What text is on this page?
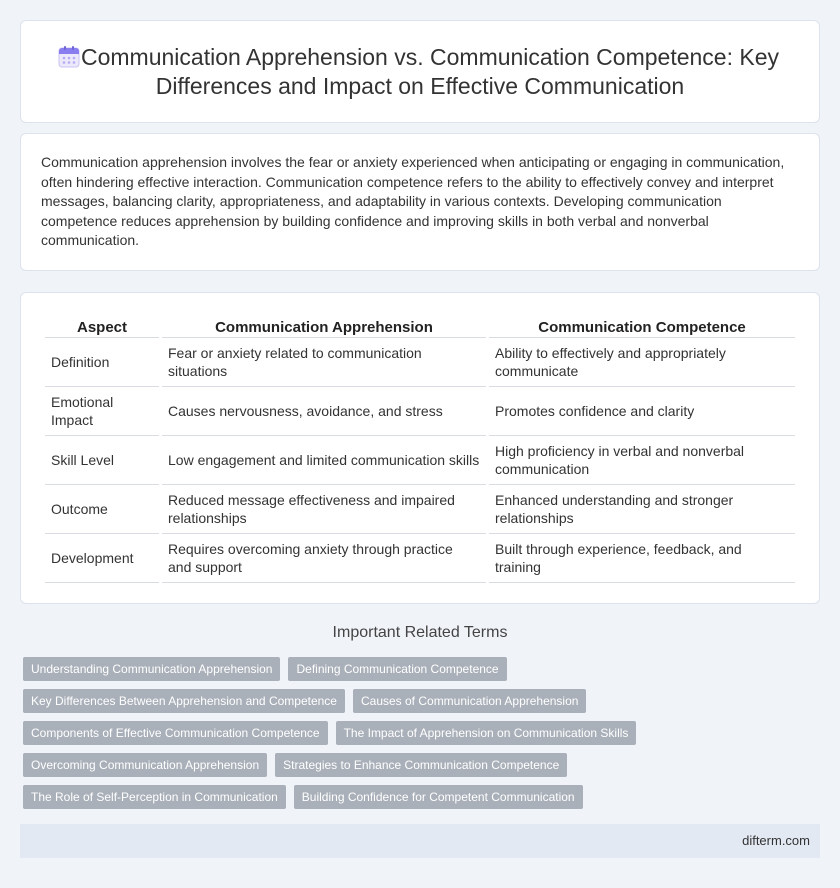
Communication Apprehension vs. Communication Competence: Key Differences and Impact on Effective Communication

Communication apprehension involves the fear or anxiety experienced when anticipating or engaging in communication, often hindering effective interaction. Communication competence refers to the ability to effectively convey and interpret messages, balancing clarity, appropriateness, and adaptability in various contexts. Developing communication competence reduces apprehension by building confidence and improving skills in both verbal and nonverbal communication.

Aspect	Communication Apprehension	Communication Competence
Definition	Fear or anxiety related to communication situations	Ability to effectively and appropriately communicate
Emotional Impact	Causes nervousness, avoidance, and stress	Promotes confidence and clarity
Skill Level	Low engagement and limited communication skills	High proficiency in verbal and nonverbal communication
Outcome	Reduced message effectiveness and impaired relationships	Enhanced understanding and stronger relationships
Development	Requires overcoming anxiety through practice and support	Built through experience, feedback, and training
Important Related Terms
Understanding Communication Apprehension	Defining Communication Competence
Key Differences Between Apprehension and Competence	Causes of Communication Apprehension
Components of Effective Communication Competence	The Impact of Apprehension on Communication Skills
Overcoming Communication Apprehension	Strategies to Enhance Communication Competence
The Role of Self-Perception in Communication	Building Confidence for Competent Communication
difterm.com
